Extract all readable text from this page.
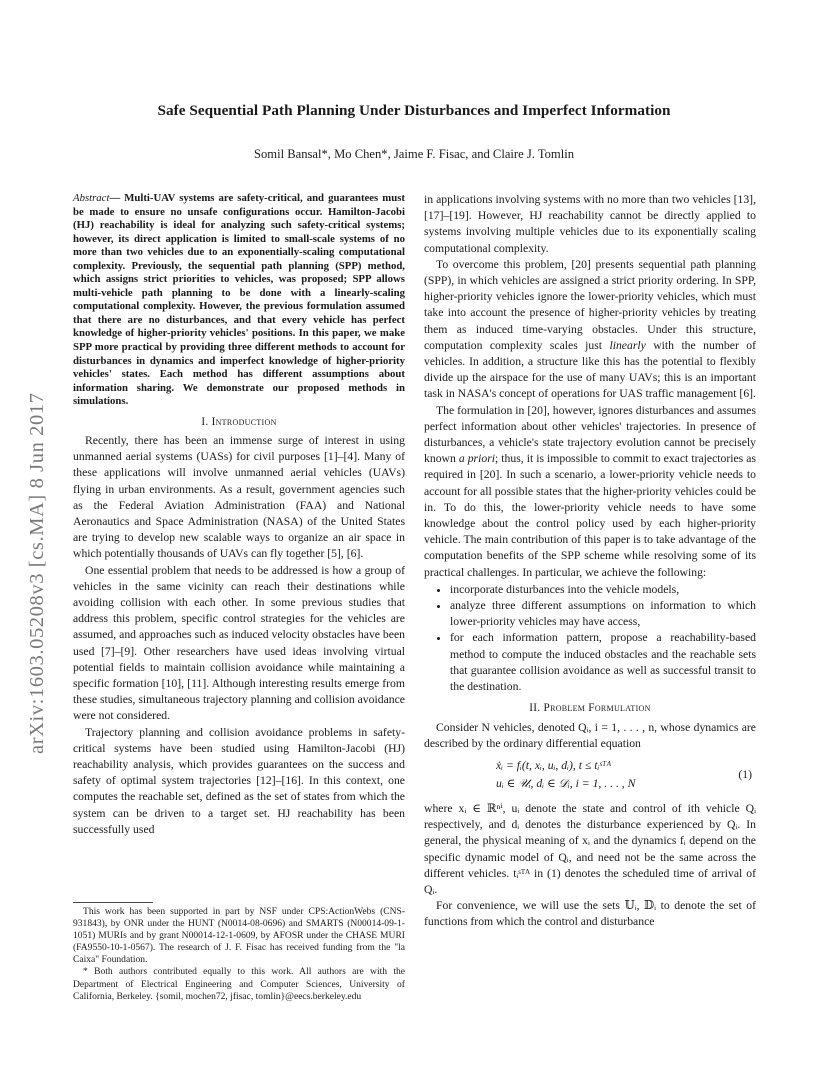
arXiv:1603.05208v3 [cs.MA] 8 Jun 2017
Safe Sequential Path Planning Under Disturbances and Imperfect Information
Somil Bansal*, Mo Chen*, Jaime F. Fisac, and Claire J. Tomlin
Abstract— Multi-UAV systems are safety-critical, and guarantees must be made to ensure no unsafe configurations occur. Hamilton-Jacobi (HJ) reachability is ideal for analyzing such safety-critical systems; however, its direct application is limited to small-scale systems of no more than two vehicles due to an exponentially-scaling computational complexity. Previously, the sequential path planning (SPP) method, which assigns strict priorities to vehicles, was proposed; SPP allows multi-vehicle path planning to be done with a linearly-scaling computational complexity. However, the previous formulation assumed that there are no disturbances, and that every vehicle has perfect knowledge of higher-priority vehicles' positions. In this paper, we make SPP more practical by providing three different methods to account for disturbances in dynamics and imperfect knowledge of higher-priority vehicles' states. Each method has different assumptions about information sharing. We demonstrate our proposed methods in simulations.
I. Introduction

Recently, there has been an immense surge of interest in using unmanned aerial systems (UASs) for civil purposes [1]–[4]. Many of these applications will involve unmanned aerial vehicles (UAVs) flying in urban environments. As a result, government agencies such as the Federal Aviation Administration (FAA) and National Aeronautics and Space Administration (NASA) of the United States are trying to develop new scalable ways to organize an air space in which potentially thousands of UAVs can fly together [5], [6].

One essential problem that needs to be addressed is how a group of vehicles in the same vicinity can reach their destinations while avoiding collision with each other. In some previous studies that address this problem, specific control strategies for the vehicles are assumed, and approaches such as induced velocity obstacles have been used [7]–[9]. Other researchers have used ideas involving virtual potential fields to maintain collision avoidance while maintaining a specific formation [10], [11]. Although interesting results emerge from these studies, simultaneous trajectory planning and collision avoidance were not considered.

Trajectory planning and collision avoidance problems in safety-critical systems have been studied using Hamilton-Jacobi (HJ) reachability analysis, which provides guarantees on the success and safety of optimal system trajectories [12]–[16]. In this context, one computes the reachable set, defined as the set of states from which the system can be driven to a target set. HJ reachability has been successfully used

in applications involving systems with no more than two vehicles [13], [17]–[19]. However, HJ reachability cannot be directly applied to systems involving multiple vehicles due to its exponentially scaling computational complexity.

To overcome this problem, [20] presents sequential path planning (SPP), in which vehicles are assigned a strict priority ordering. In SPP, higher-priority vehicles ignore the lower-priority vehicles, which must take into account the presence of higher-priority vehicles by treating them as induced time-varying obstacles. Under this structure, computation complexity scales just linearly with the number of vehicles. In addition, a structure like this has the potential to flexibly divide up the airspace for the use of many UAVs; this is an important task in NASA's concept of operations for UAS traffic management [6].

The formulation in [20], however, ignores disturbances and assumes perfect information about other vehicles' trajectories. In presence of disturbances, a vehicle's state trajectory evolution cannot be precisely known a priori; thus, it is impossible to commit to exact trajectories as required in [20]. In such a scenario, a lower-priority vehicle needs to account for all possible states that the higher-priority vehicles could be in. To do this, the lower-priority vehicle needs to have some knowledge about the control policy used by each higher-priority vehicle. The main contribution of this paper is to take advantage of the computation benefits of the SPP scheme while resolving some of its practical challenges. In particular, we achieve the following:

• incorporate disturbances into the vehicle models,
• analyze three different assumptions on information to which lower-priority vehicles may have access,
• for each information pattern, propose a reachability-based method to compute the induced obstacles and the reachable sets that guarantee collision avoidance as well as successful transit to the destination.
II. Problem Formulation

Consider N vehicles, denoted Qᵢ, i = 1, . . . , n, whose dynamics are described by the ordinary differential equation

ẋᵢ = fᵢ(t, xᵢ, uᵢ, dᵢ), t ≤ tᵢˢᵀᴬ
uᵢ ∈ 𝒰ᵢ, dᵢ ∈ 𝒟ᵢ, i = 1, . . . , N
(1)

where xᵢ ∈ ℝⁿⁱ, uᵢ denote the state and control of ith vehicle Qᵢ respectively, and dᵢ denotes the disturbance experienced by Qᵢ. In general, the physical meaning of xᵢ and the dynamics fᵢ depend on the specific dynamic model of Qᵢ, and need not be the same across the different vehicles. tᵢˢᵀᴬ in (1) denotes the scheduled time of arrival of Qᵢ.

For convenience, we will use the sets 𝕌ᵢ, 𝔻ᵢ to denote the set of functions from which the control and disturbance

This work has been supported in part by NSF under CPS:ActionWebs (CNS-931843), by ONR under the HUNT (N0014-08-0696) and SMARTS (N00014-09-1-1051) MURIs and by grant N00014-12-1-0609, by AFOSR under the CHASE MURI (FA9550-10-1-0567). The research of J. F. Fisac has received funding from the "la Caixa" Foundation.

* Both authors contributed equally to this work. All authors are with the Department of Electrical Engineering and Computer Sciences, University of California, Berkeley. {somil, mochen72, jfisac, tomlin}@eecs.berkeley.edu
